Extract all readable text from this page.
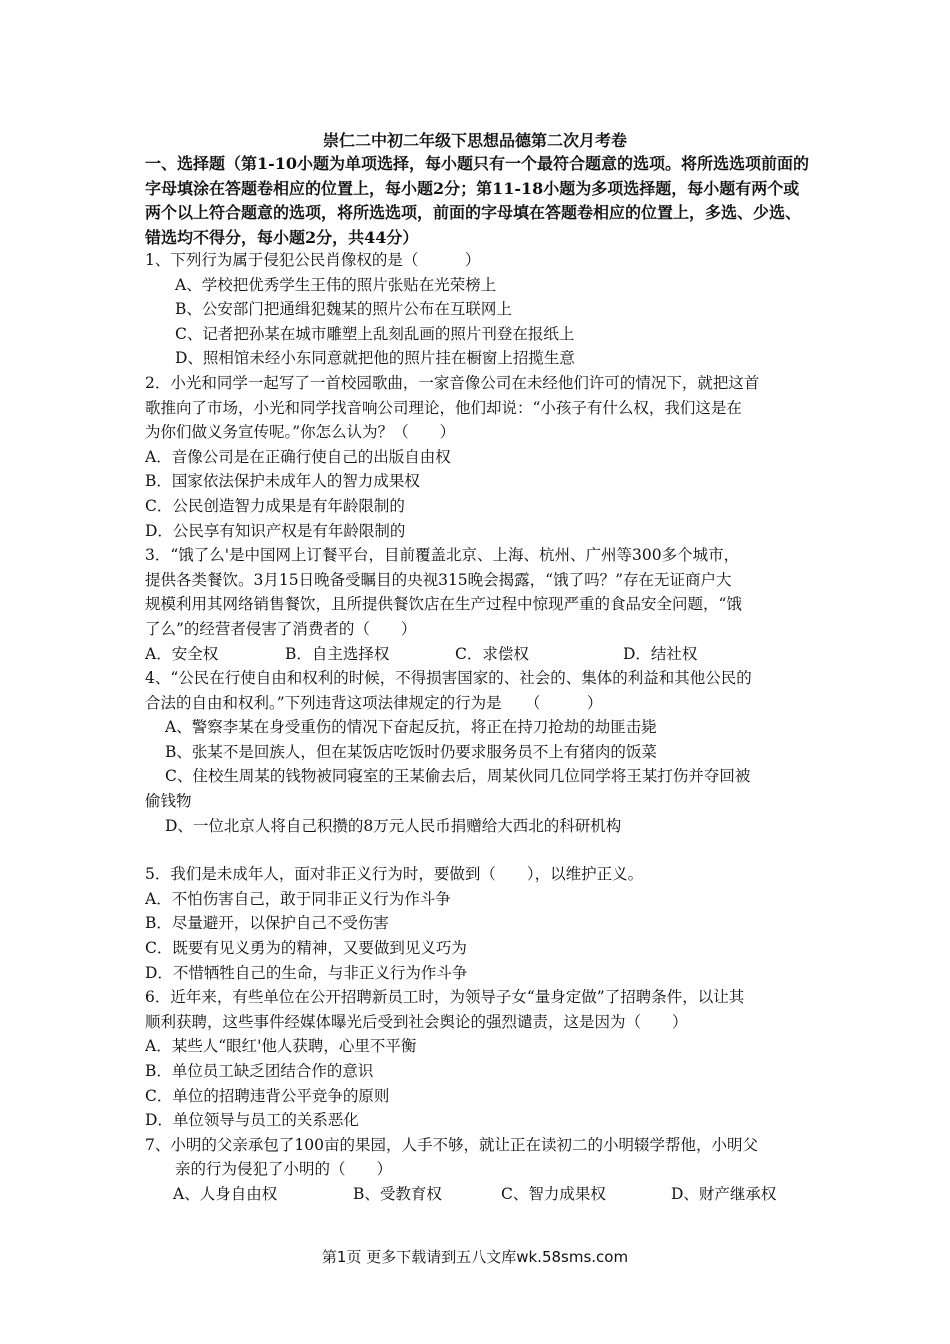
崇仁二中初二年级下思想品德第二次月考卷
一、选择题（第1-10小题为单项选择，每小题只有一个最符合题意的选项。将所选选项前面的字母填涂在答题卷相应的位置上，每小题2分；第11-18小题为多项选择题，每小题有两个或两个以上符合题意的选项，将所选选项，前面的字母填在答题卷相应的位置上，多选、少选、错选均不得分，每小题2分，共44分）
1、下列行为属于侵犯公民肖像权的是（　　　）
A、学校把优秀学生王伟的照片张贴在光荣榜上
B、公安部门把通缉犯魏某的照片公布在互联网上
C、记者把孙某在城市雕塑上乱刻乱画的照片刊登在报纸上
D、照相馆未经小东同意就把他的照片挂在橱窗上招揽生意
2．小光和同学一起写了一首校园歌曲，一家音像公司在未经他们许可的情况下，就把这首
歌推向了市场，小光和同学找音响公司理论，他们却说：“小孩子有什么权，我们这是在
为你们做义务宣传呢。”你怎么认为？（　　）
A．音像公司是在正确行使自己的出版自由权
B．国家依法保护未成年人的智力成果权
C．公民创造智力成果是有年龄限制的
D．公民享有知识产权是有年龄限制的
3．“饿了么'是中国网上订餐平台，目前覆盖北京、上海、杭州、广州等300多个城市，
提供各类餐饮。3月15日晚备受瞩目的央视315晚会揭露，“饿了吗？”存在无证商户大
规模利用其网络销售餐饮，且所提供餐饮店在生产过程中惊现严重的食品安全问题，“饿
了么”的经营者侵害了消费者的（　　）
A．安全权	B．自主选择权	C．求偿权	D．结社权
4、“公民在行使自由和权利的时候，不得损害国家的、社会的、集体的利益和其他公民的
合法的自由和权利。”下列违背这项法律规定的行为是　　（　　　）
A、警察李某在身受重伤的情况下奋起反抗，将正在持刀抢劫的劫匪击毙
B、张某不是回族人，但在某饭店吃饭时仍要求服务员不上有猪肉的饭菜
C、住校生周某的钱物被同寝室的王某偷去后，周某伙同几位同学将王某打伤并夺回被
偷钱物
D、一位北京人将自己积攒的8万元人民币捐赠给大西北的科研机构
5．我们是未成年人，面对非正义行为时，要做到（　　），以维护正义。
A．不怕伤害自己，敢于同非正义行为作斗争
B．尽量避开，以保护自己不受伤害
C．既要有见义勇为的精神，又要做到见义巧为
D．不惜牺牲自己的生命，与非正义行为作斗争
6．近年来，有些单位在公开招聘新员工时，为领导子女“量身定做”了招聘条件，以让其
顺利获聘，这些事件经媒体曝光后受到社会舆论的强烈谴责，这是因为（　　）
A．某些人“眼红'他人获聘，心里不平衡
B．单位员工缺乏团结合作的意识
C．单位的招聘违背公平竞争的原则
D．单位领导与员工的关系恶化
7、小明的父亲承包了100亩的果园，人手不够，就让正在读初二的小明辍学帮他，小明父
亲的行为侵犯了小明的（　　）
A、人身自由权	B、受教育权	C、智力成果权	D、财产继承权
第1页 更多下载请到五八文库wk.58sms.com
